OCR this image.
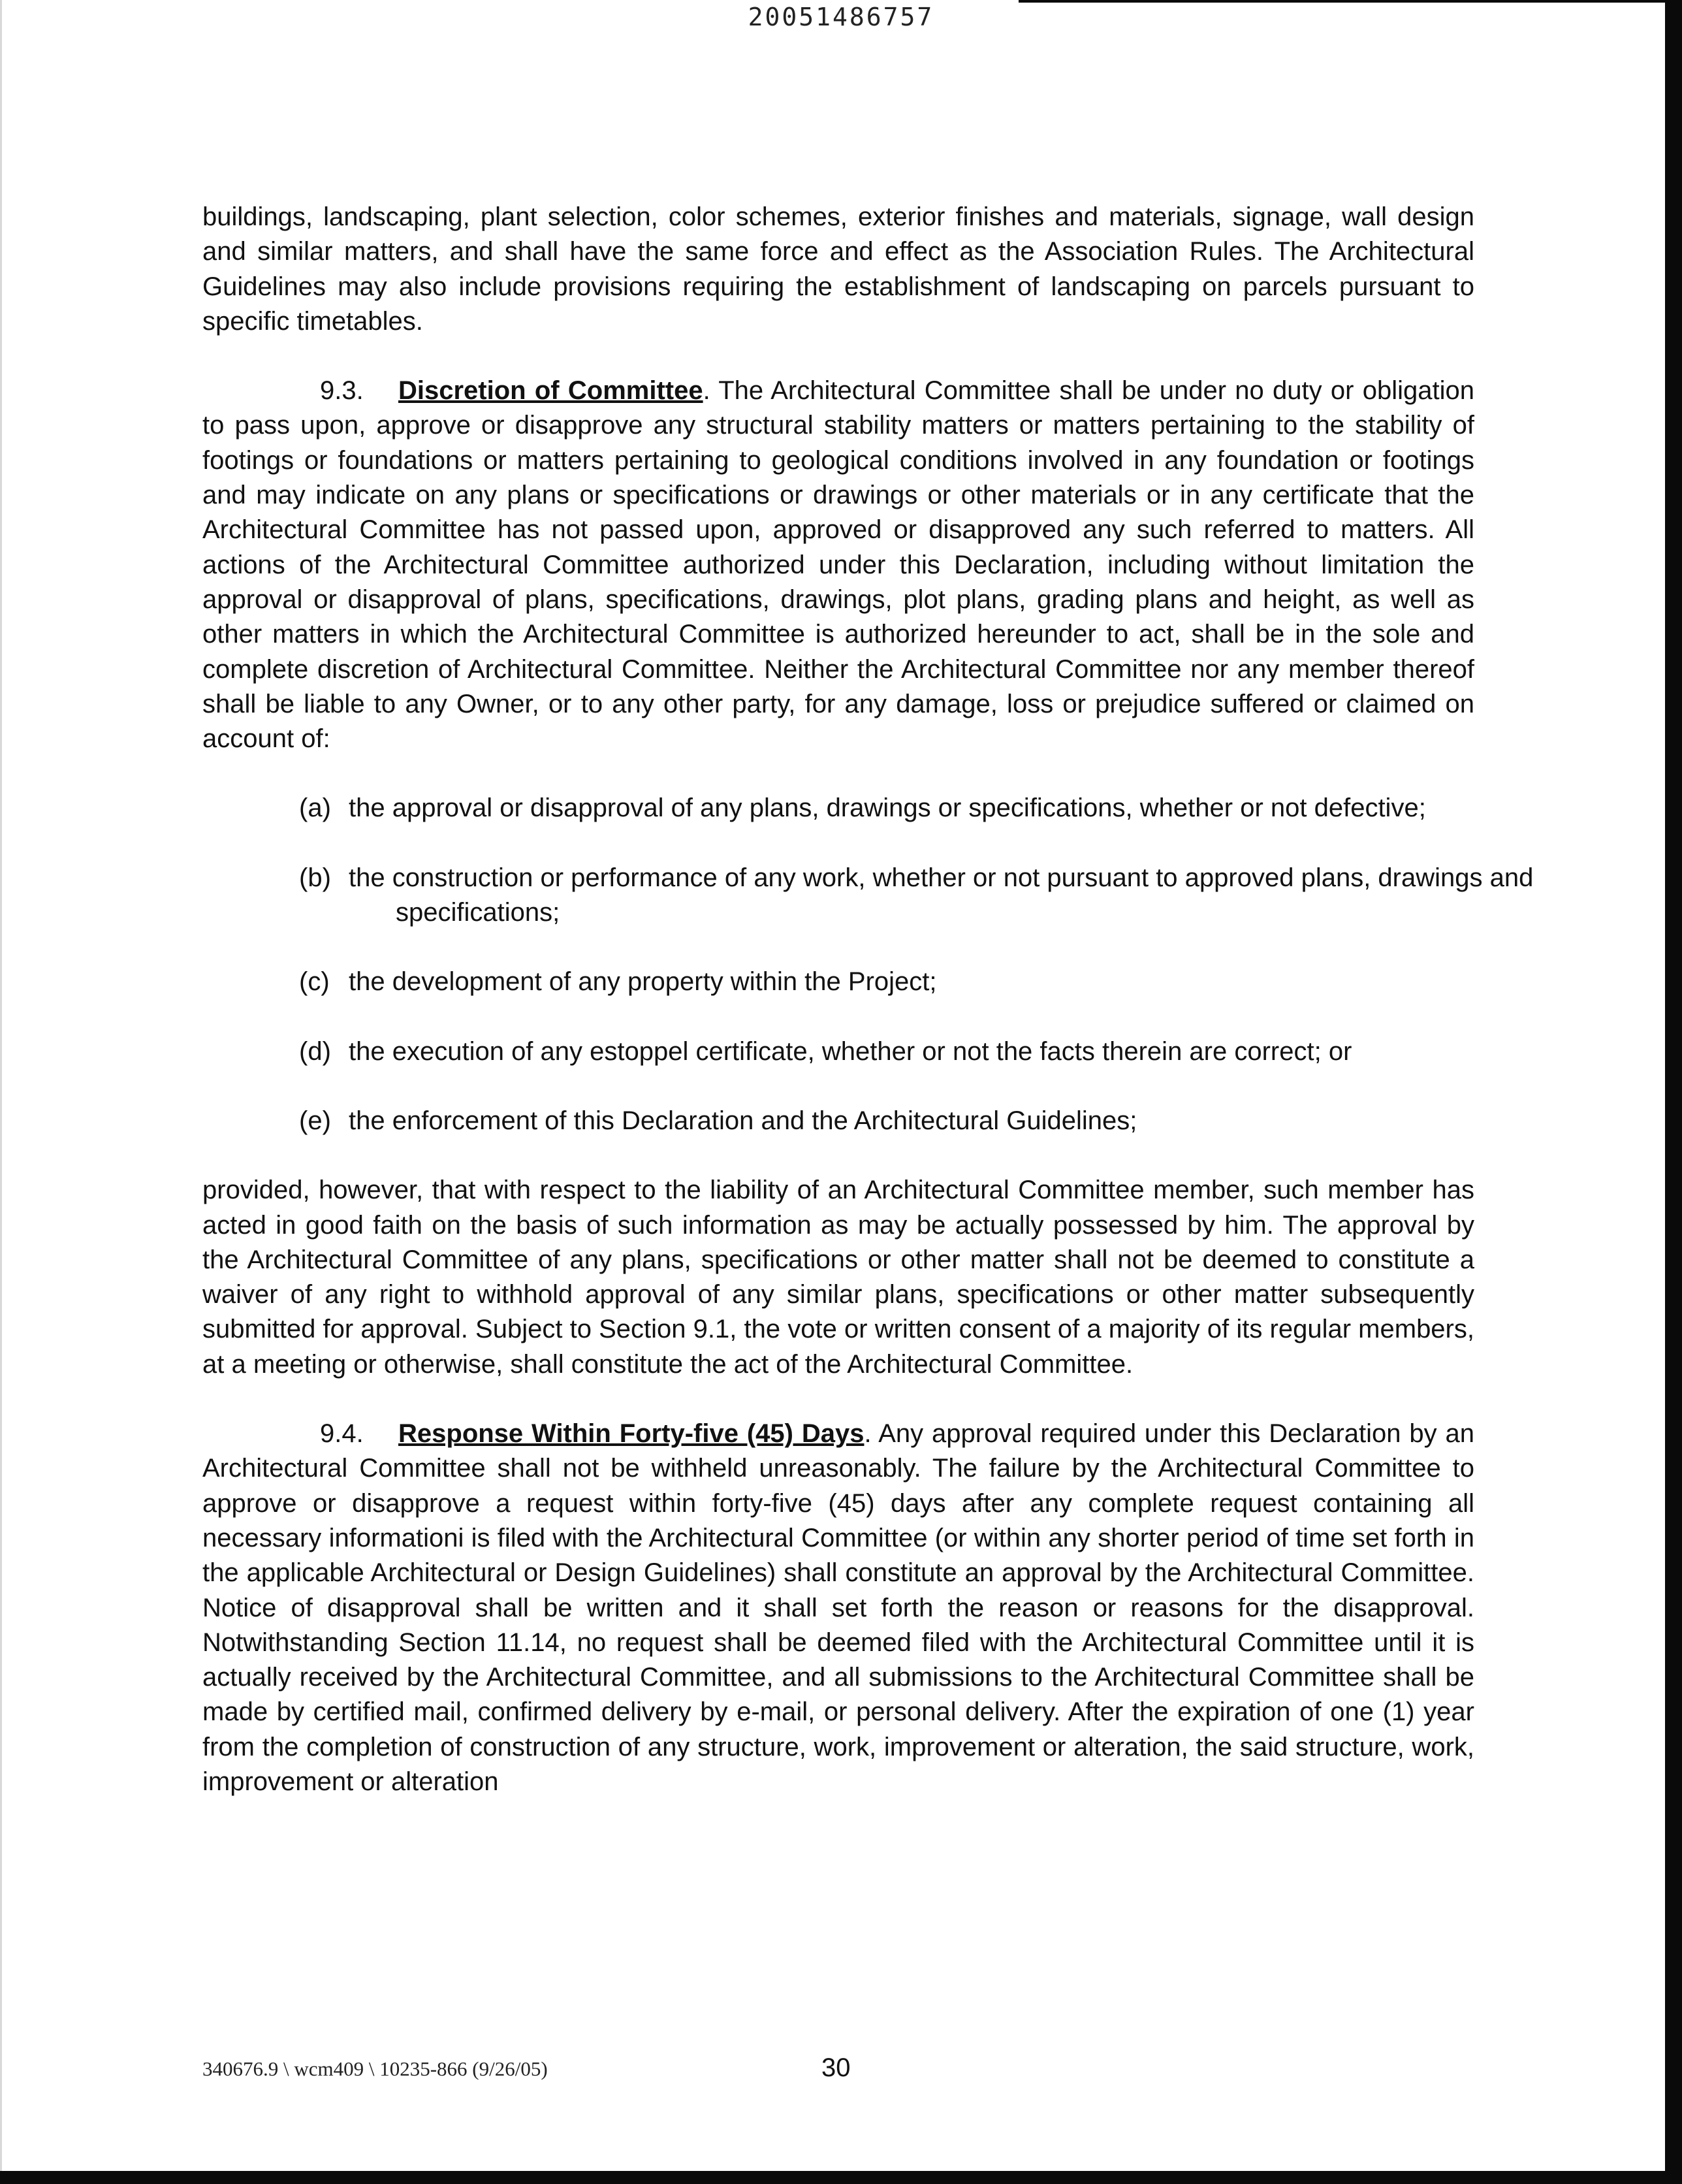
20051486757

buildings, landscaping, plant selection, color schemes, exterior finishes and materials, signage, wall design and similar matters, and shall have the same force and effect as the Association Rules. The Architectural Guidelines may also include provisions requiring the establishment of landscaping on parcels pursuant to specific timetables.

9.3. Discretion of Committee. The Architectural Committee shall be under no duty or obligation to pass upon, approve or disapprove any structural stability matters or matters pertaining to the stability of footings or foundations or matters pertaining to geological conditions involved in any foundation or footings and may indicate on any plans or specifications or drawings or other materials or in any certificate that the Architectural Committee has not passed upon, approved or disapproved any such referred to matters. All actions of the Architectural Committee authorized under this Declaration, including without limitation the approval or disapproval of plans, specifications, drawings, plot plans, grading plans and height, as well as other matters in which the Architectural Committee is authorized hereunder to act, shall be in the sole and complete discretion of Architectural Committee. Neither the Architectural Committee nor any member thereof shall be liable to any Owner, or to any other party, for any damage, loss or prejudice suffered or claimed on account of:

(a) the approval or disapproval of any plans, drawings or specifications, whether or not defective;
(b) the construction or performance of any work, whether or not pursuant to approved plans, drawings and specifications;
(c) the development of any property within the Project;
(d) the execution of any estoppel certificate, whether or not the facts therein are correct; or
(e) the enforcement of this Declaration and the Architectural Guidelines;

provided, however, that with respect to the liability of an Architectural Committee member, such member has acted in good faith on the basis of such information as may be actually possessed by him. The approval by the Architectural Committee of any plans, specifications or other matter shall not be deemed to constitute a waiver of any right to withhold approval of any similar plans, specifications or other matter subsequently submitted for approval. Subject to Section 9.1, the vote or written consent of a majority of its regular members, at a meeting or otherwise, shall constitute the act of the Architectural Committee.

9.4. Response Within Forty-five (45) Days. Any approval required under this Declaration by an Architectural Committee shall not be withheld unreasonably. The failure by the Architectural Committee to approve or disapprove a request within forty-five (45) days after any complete request containing all necessary informationi is filed with the Architectural Committee (or within any shorter period of time set forth in the applicable Architectural or Design Guidelines) shall constitute an approval by the Architectural Committee. Notice of disapproval shall be written and it shall set forth the reason or reasons for the disapproval. Notwithstanding Section 11.14, no request shall be deemed filed with the Architectural Committee until it is actually received by the Architectural Committee, and all submissions to the Architectural Committee shall be made by certified mail, confirmed delivery by e-mail, or personal delivery. After the expiration of one (1) year from the completion of construction of any structure, work, improvement or alteration, the said structure, work, improvement or alteration

340676.9 \ wcm409 \ 10235-866 (9/26/05)	30
